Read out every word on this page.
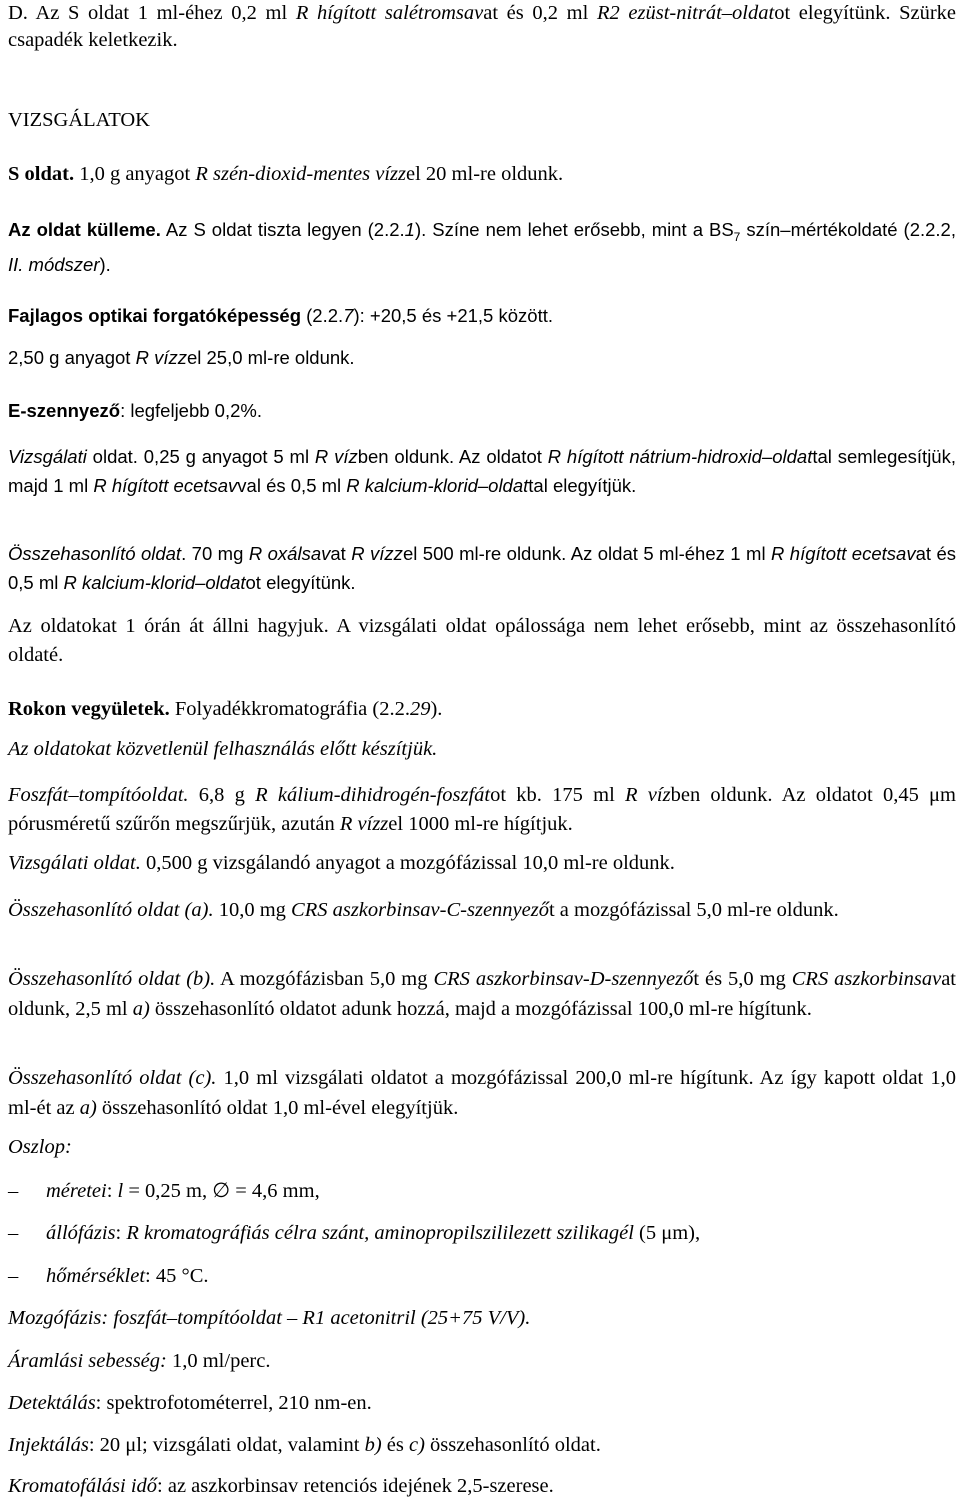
D. Az S oldat 1 ml-éhez 0,2 ml R hígított salétromsavat és 0,2 ml R2 ezüst-nitrát–oldatot elegyítünk. Szürke csapadék keletkezik.

VIZSGÁLATOK

S oldat. 1,0 g anyagot R szén-dioxid-mentes vízzel 20 ml-re oldunk.

Az oldat külleme. Az S oldat tiszta legyen (2.2.1). Színe nem lehet erősebb, mint a $BS_7$ szín–mértékoldaté (2.2.2, II. módszer).

Fajlagos optikai forgatóképesség (2.2.7): +20,5 és +21,5 között.

2,50 g anyagot R vízzel 25,0 ml-re oldunk.

E-szennyező: legfeljebb 0,2%.

Vizsgálati oldat. 0,25 g anyagot 5 ml R vízben oldunk. Az oldatot R hígított nátrium-hidroxid–oldattal semlegesítjük, majd 1 ml R hígított ecetsavval és 0,5 ml R kalcium-klorid–oldattal elegyítjük.

Összehasonlító oldat. 70 mg R oxálsavat R vízzel 500 ml-re oldunk. Az oldat 5 ml-éhez 1 ml R hígított ecetsavat és 0,5 ml R kalcium-klorid–oldatot elegyítünk.

Az oldatokat 1 órán át állni hagyjuk. A vizsgálati oldat opálossága nem lehet erősebb, mint az összehasonlító oldaté.

Rokon vegyületek. Folyadékkromatográfia (2.2.29).

Az oldatokat közvetlenül felhasználás előtt készítjük.

Foszfát–tompítóoldat. 6,8 g R kálium-dihidrogén-foszfátot kb. 175 ml R vízben oldunk. Az oldatot 0,45 μm pórusméretű szűrőn megszűrjük, azután R vízzel 1000 ml-re hígítjuk.

Vizsgálati oldat. 0,500 g vizsgálandó anyagot a mozgófázissal 10,0 ml-re oldunk.

Összehasonlító oldat (a). 10,0 mg CRS aszkorbinsav-C-szennyezőt a mozgófázissal 5,0 ml-re oldunk.

Összehasonlító oldat (b). A mozgófázisban 5,0 mg CRS aszkorbinsav-D-szennyezőt és 5,0 mg CRS aszkorbinsavat oldunk, 2,5 ml a) összehasonlító oldatot adunk hozzá, majd a mozgófázissal 100,0 ml-re hígítunk.

Összehasonlító oldat (c). 1,0 ml vizsgálati oldatot a mozgófázissal 200,0 ml-re hígítunk. Az így kapott oldat 1,0 ml-ét az a) összehasonlító oldat 1,0 ml-ével elegyítjük.

Oszlop:

– méretei: l = 0,25 m, ∅ = 4,6 mm,

– állófázis: R kromatográfiás célra szánt, aminopropilszililezett szilikagél (5 μm),

– hőmérséklet: 45 °C.

Mozgófázis: foszfát–tompítóoldat – R1 acetonitril (25+75 V/V).

Áramlási sebesség: 1,0 ml/perc.

Detektálás: spektrofotométerrel, 210 nm-en.

Injektálás: 20 μl; vizsgálati oldat, valamint b) és c) összehasonlító oldat.

Kromatofálási idő: az aszkorbinsav retenciós idejének 2,5-szerese.
